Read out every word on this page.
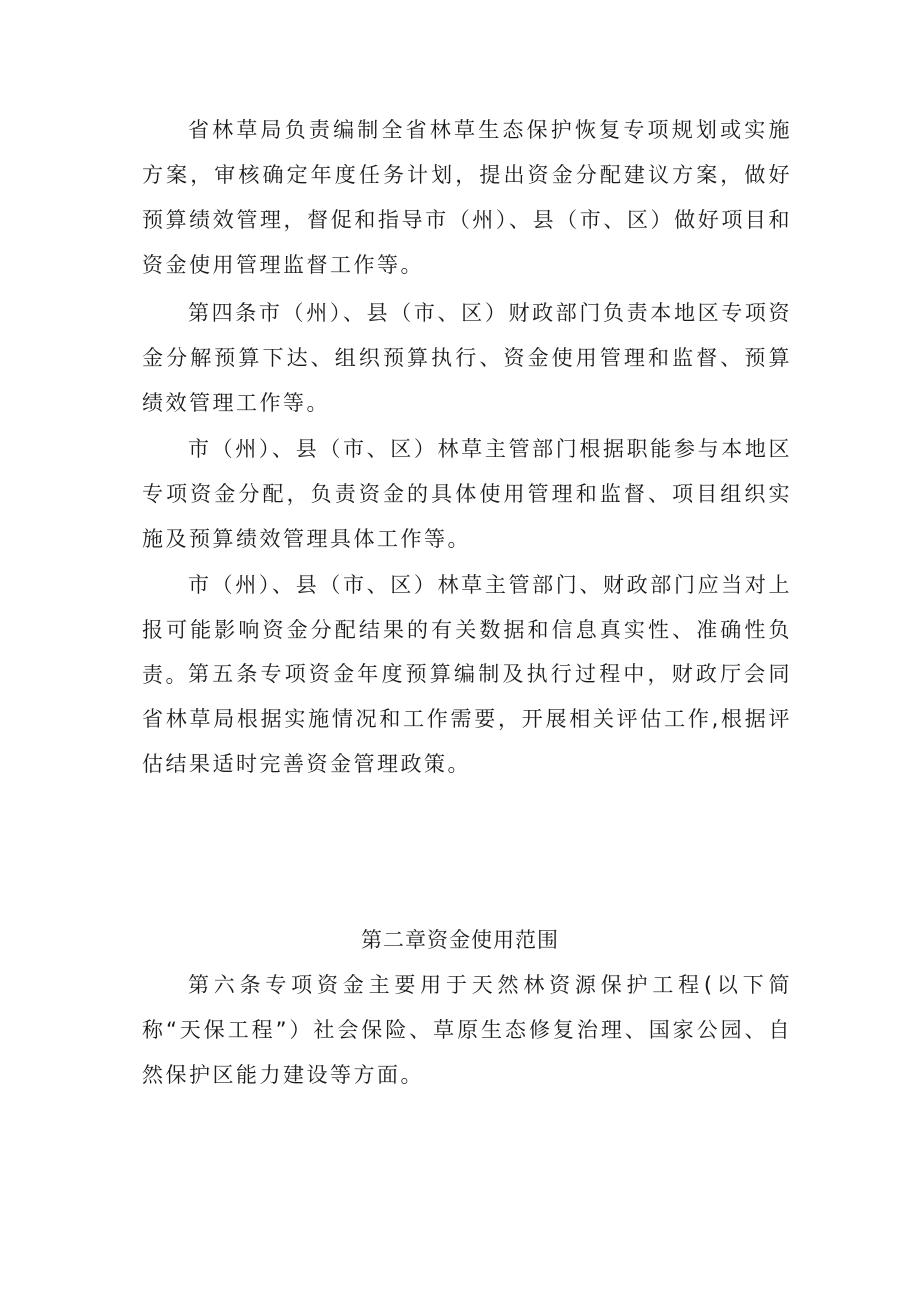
省林草局负责编制全省林草生态保护恢复专项规划或实施方案，审核确定年度任务计划，提出资金分配建议方案，做好预算绩效管理，督促和指导市（州）、县（市、区）做好项目和资金使用管理监督工作等。

第四条市（州）、县（市、区）财政部门负责本地区专项资金分解预算下达、组织预算执行、资金使用管理和监督、预算绩效管理工作等。

市（州）、县（市、区）林草主管部门根据职能参与本地区专项资金分配，负责资金的具体使用管理和监督、项目组织实施及预算绩效管理具体工作等。

市（州）、县（市、区）林草主管部门、财政部门应当对上报可能影响资金分配结果的有关数据和信息真实性、准确性负责。 第五条专项资金年度预算编制及执行过程中，财政厅会同省林草局根据实施情况和工作需要，开展相关评估工作,根据评估结果适时完善资金管理政策。

第二章资金使用范围

第六条专项资金主要用于天然林资源保护工程(以下简称“天保工程”）社会保险、草原生态修复治理、国家公园、自然保护区能力建设等方面。
